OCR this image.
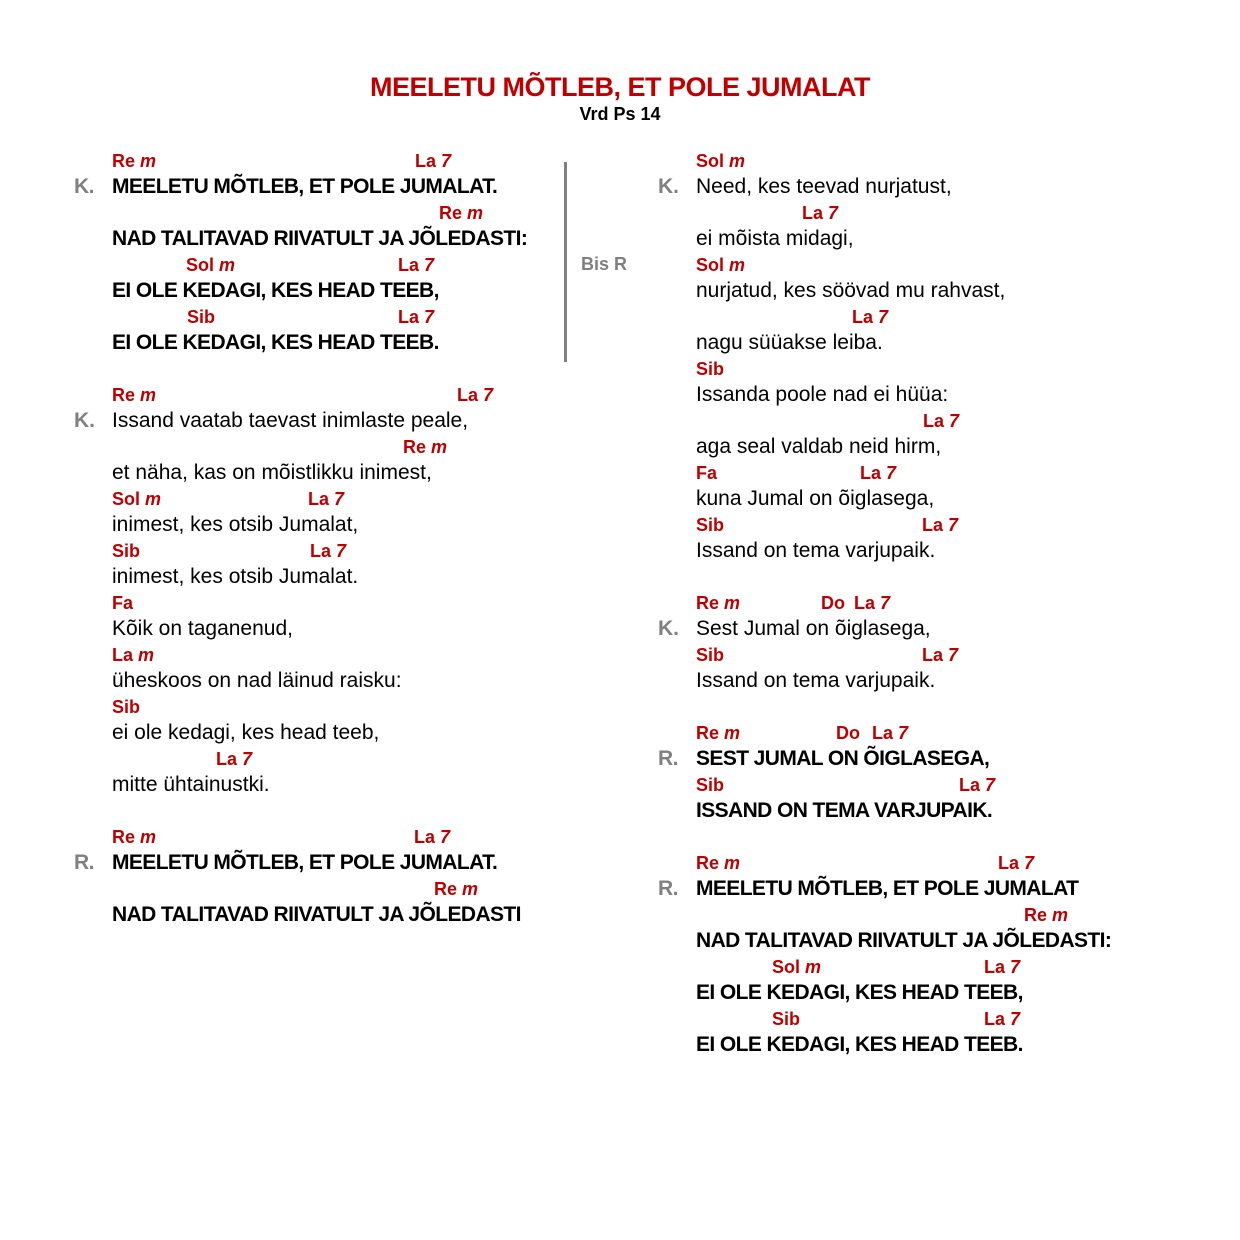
MEELETU MÕTLEB, ET POLE JUMALAT
Vrd Ps 14
Re m	La 7
K. MEELETU MÕTLEB, ET POLE JUMALAT.
Re m
NAD TALITAVAD RIIVATULT JA JÕLEDASTI:
Sol m	La 7
EI OLE KEDAGI, KES HEAD TEEB,
Sib	La 7
EI OLE KEDAGI, KES HEAD TEEB.
Re m	La 7
K. Issand vaatab taevast inimlaste peale,
Re m
et näha, kas on mõistlikku inimest,
Sol m	La 7
inimest, kes otsib Jumalat,
Sib	La 7
inimest, kes otsib Jumalat.
Fa
Kõik on taganenud,
La m
üheskoos on nad läinud raisku:
Sib
ei ole kedagi, kes head teeb,
La 7
mitte ühtainustki.
Re m	La 7
R. MEELETU MÕTLEB, ET POLE JUMALAT.
Re m
NAD TALITAVAD RIIVATULT JA JÕLEDASTI
Bis R
Sol m
K. Need, kes teevad nurjatust,
La 7
ei mõista midagi,
Sol m
nurjatud, kes söövad mu rahvast,
La 7
nagu süüakse leiba.
Sib
Issanda poole nad ei hüüa:
La 7
aga seal valdab neid hirm,
Fa	La 7
kuna Jumal on õiglasega,
Sib	La 7
Issand on tema varjupaik.
Re m	Do La 7
K. Sest Jumal on õiglasega,
Sib	La 7
Issand on tema varjupaik.
Re m	Do La 7
R. SEST JUMAL ON ÕIGLASEGA,
Sib	La 7
ISSAND ON TEMA VARJUPAIK.
Re m	La 7
R. MEELETU MÕTLEB, ET POLE JUMALAT
Re m
NAD TALITAVAD RIIVATULT JA JÕLEDASTI:
Sol m	La 7
EI OLE KEDAGI, KES HEAD TEEB,
Sib	La 7
EI OLE KEDAGI, KES HEAD TEEB.
